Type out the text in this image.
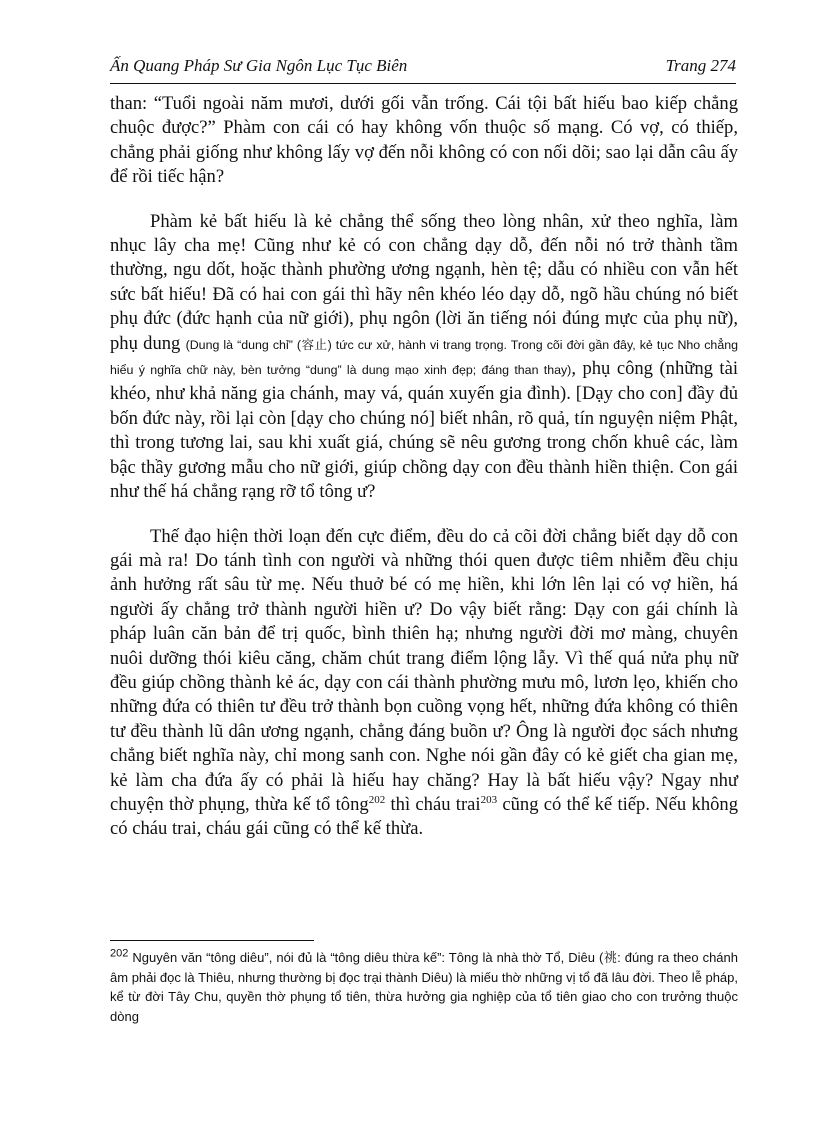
Ấn Quang Pháp Sư Gia Ngôn Lục Tục Biên	Trang 274

than: “Tuổi ngoài năm mươi, dưới gối vẫn trống. Cái tội bất hiếu bao kiếp chẳng chuộc được?” Phàm con cái có hay không vốn thuộc số mạng. Có vợ, có thiếp, chẳng phải giống như không lấy vợ đến nỗi không có con nối dõi; sao lại dẫn câu ấy để rồi tiếc hận?

Phàm kẻ bất hiếu là kẻ chẳng thể sống theo lòng nhân, xử theo nghĩa, làm nhục lây cha mẹ! Cũng như kẻ có con chẳng dạy dỗ, đến nỗi nó trở thành tầm thường, ngu dốt, hoặc thành phường ương ngạnh, hèn tệ; dẫu có nhiều con vẫn hết sức bất hiếu! Đã có hai con gái thì hãy nên khéo léo dạy dỗ, ngõ hầu chúng nó biết phụ đức (đức hạnh của nữ giới), phụ ngôn (lời ăn tiếng nói đúng mực của phụ nữ), phụ dung (Dung là “dung chỉ” (容止) tức cư xử, hành vi trang trọng. Trong cõi đời gần đây, kẻ tục Nho chẳng hiểu ý nghĩa chữ này, bèn tưởng “dung” là dung mạo xinh đẹp; đáng than thay), phụ công (những tài khéo, như khả năng gia chánh, may vá, quán xuyến gia đình). [Dạy cho con] đầy đủ bốn đức này, rồi lại còn [dạy cho chúng nó] biết nhân, rõ quả, tín nguyện niệm Phật, thì trong tương lai, sau khi xuất giá, chúng sẽ nêu gương trong chốn khuê các, làm bậc thầy gương mẫu cho nữ giới, giúp chồng dạy con đều thành hiền thiện. Con gái như thế há chẳng rạng rỡ tổ tông ư?

Thế đạo hiện thời loạn đến cực điểm, đều do cả cõi đời chẳng biết dạy dỗ con gái mà ra! Do tánh tình con người và những thói quen được tiêm nhiễm đều chịu ảnh hưởng rất sâu từ mẹ. Nếu thuở bé có mẹ hiền, khi lớn lên lại có vợ hiền, há người ấy chẳng trở thành người hiền ư? Do vậy biết rằng: Dạy con gái chính là pháp luân căn bản để trị quốc, bình thiên hạ; nhưng người đời mơ màng, chuyên nuôi dưỡng thói kiêu căng, chăm chút trang điểm lộng lẫy. Vì thế quá nửa phụ nữ đều giúp chồng thành kẻ ác, dạy con cái thành phường mưu mô, lươn lẹo, khiến cho những đứa có thiên tư đều trở thành bọn cuồng vọng hết, những đứa không có thiên tư đều thành lũ dân ương ngạnh, chẳng đáng buồn ư? Ông là người đọc sách nhưng chẳng biết nghĩa này, chỉ mong sanh con. Nghe nói gần đây có kẻ giết cha gian mẹ, kẻ làm cha đứa ấy có phải là hiếu hay chăng? Hay là bất hiếu vậy? Ngay như chuyện thờ phụng, thừa kế tổ tông$^{202}$ thì cháu trai$^{203}$ cũng có thể kế tiếp. Nếu không có cháu trai, cháu gái cũng có thể kế thừa.

$^{202}$ Nguyên văn “tông diêu”, nói đủ là “tông diêu thừa kế”: Tông là nhà thờ Tổ, Diêu (祧: đúng ra theo chánh âm phải đọc là Thiêu, nhưng thường bị đọc trại thành Diêu) là miếu thờ những vị tổ đã lâu đời. Theo lễ pháp, kể từ đời Tây Chu, quyền thờ phụng tổ tiên, thừa hưởng gia nghiệp của tổ tiên giao cho con trưởng thuộc dòng
